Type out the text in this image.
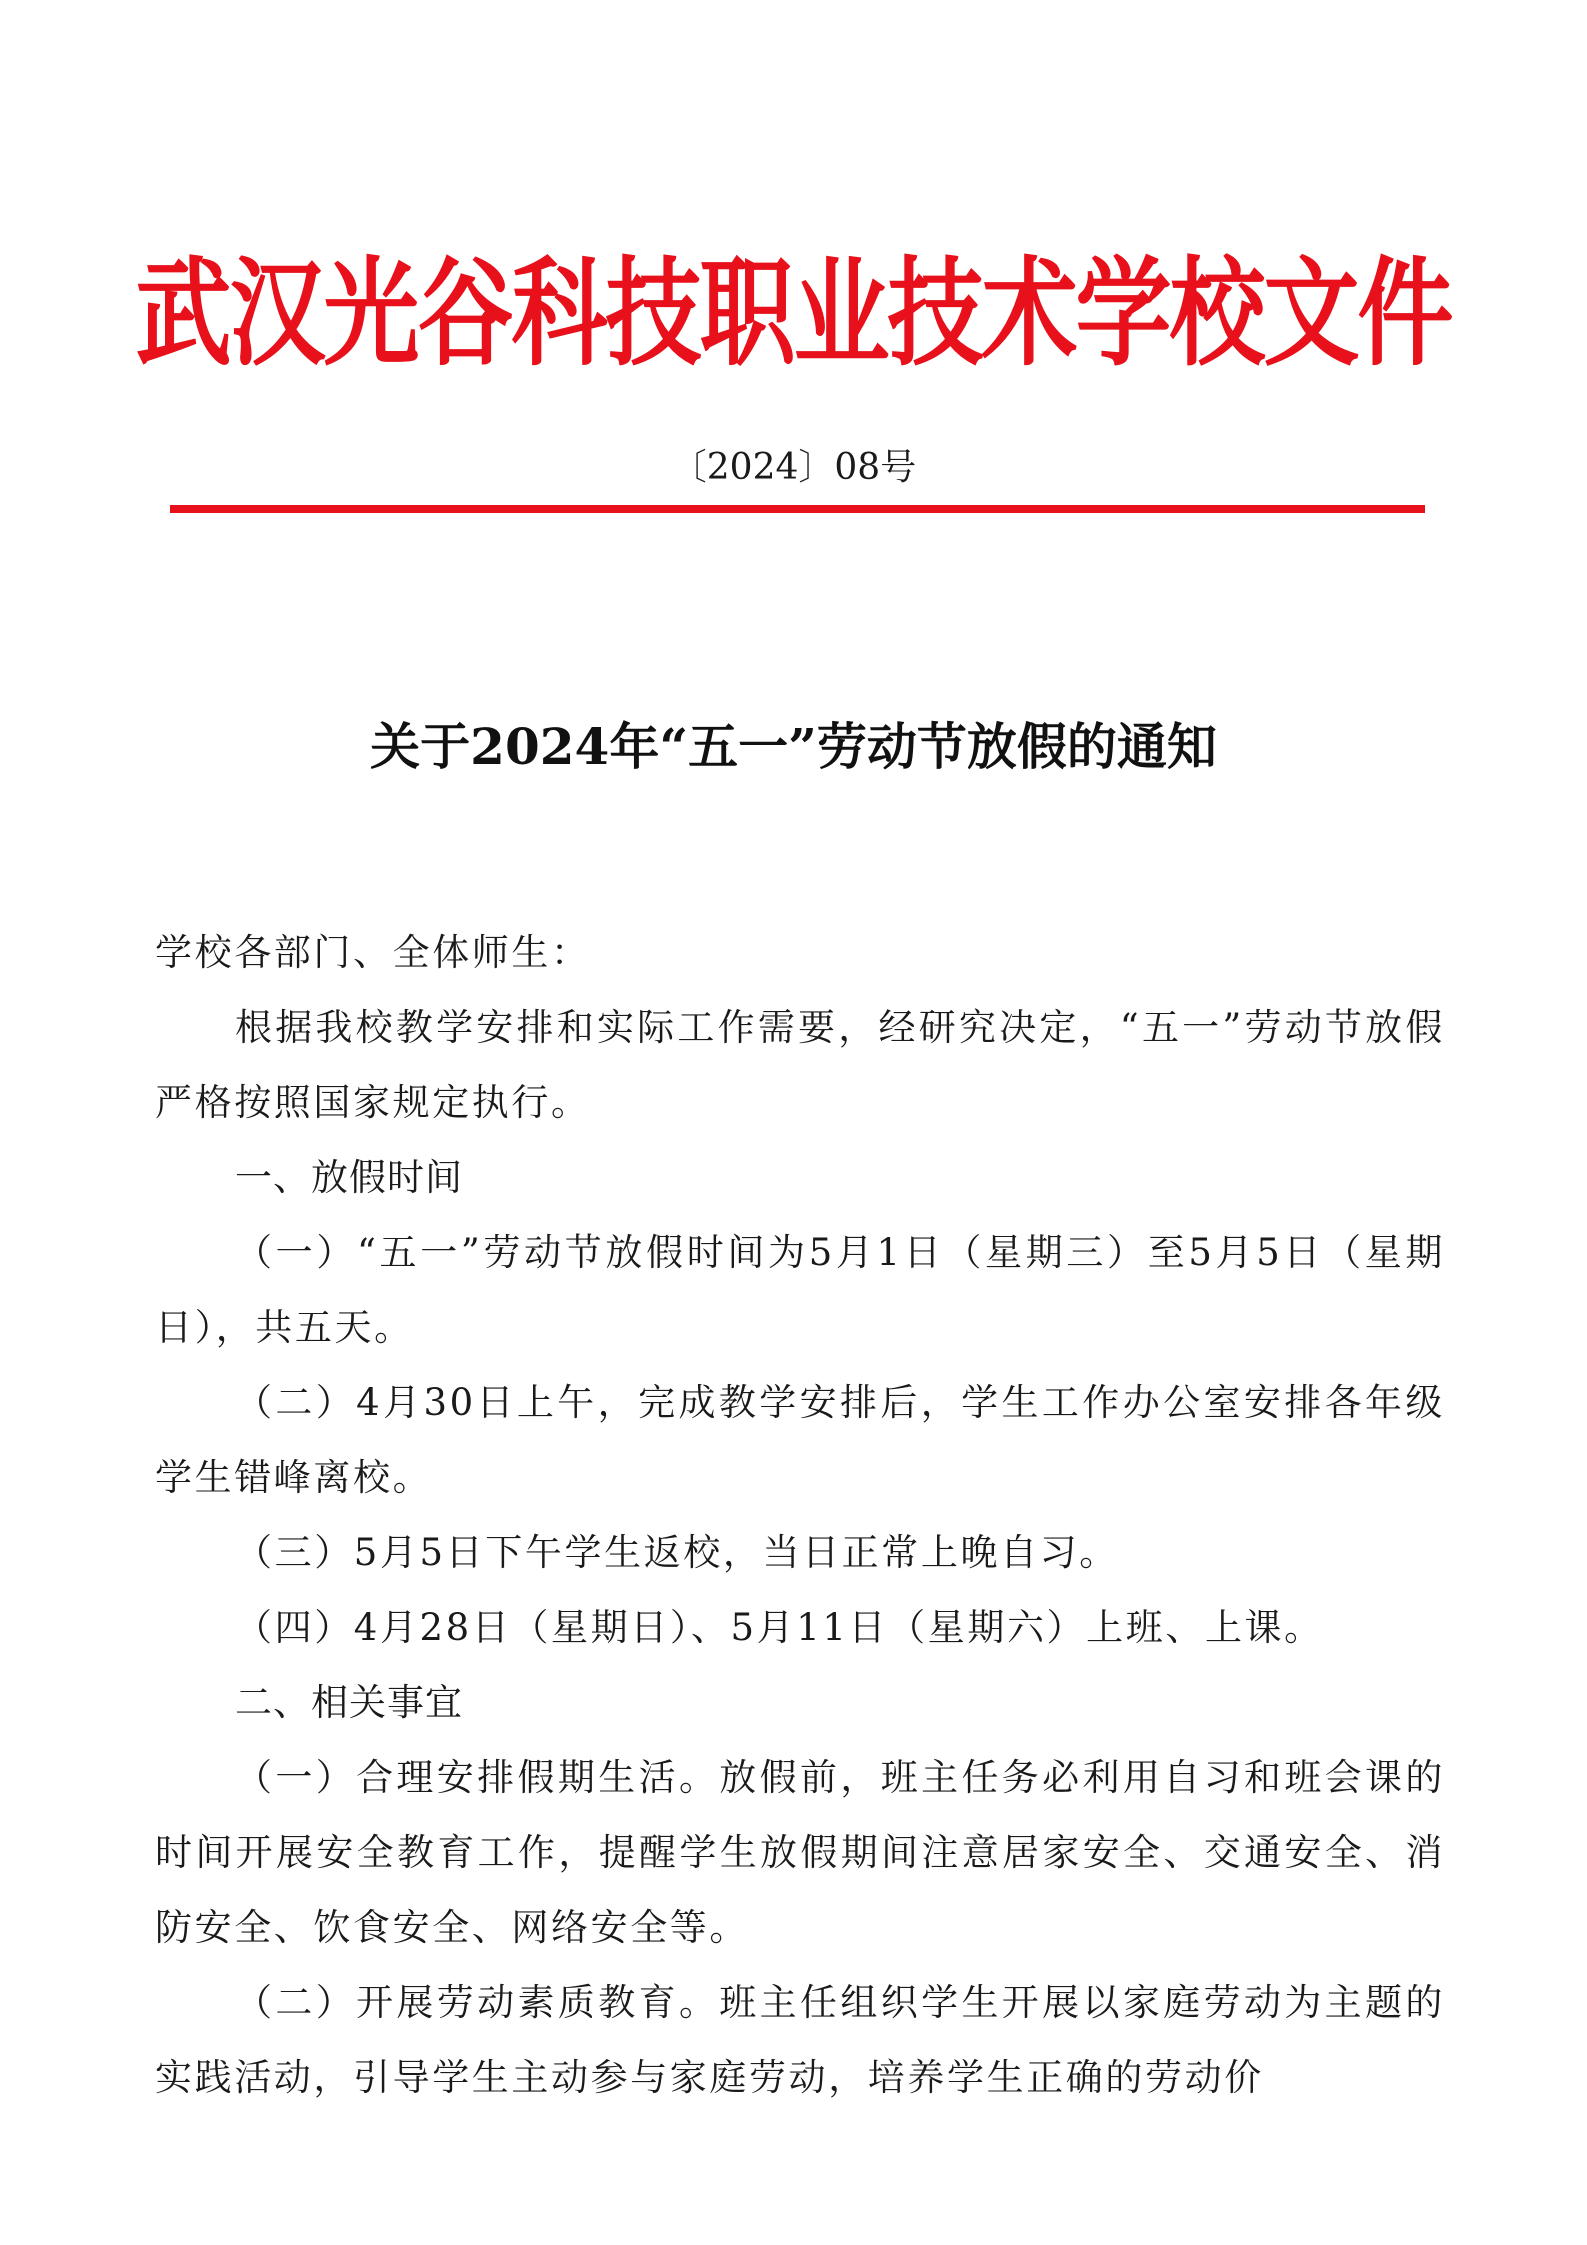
武汉光谷科技职业技术学校文件
〔2024〕08号
关于2024年“五一”劳动节放假的通知

学校各部门、全体师生：

根据我校教学安排和实际工作需要，经研究决定，“五一”劳动节放假严格按照国家规定执行。

一、放假时间

（一）“五一”劳动节放假时间为5月1日（星期三）至5月5日（星期日），共五天。

（二）4月30日上午，完成教学安排后，学生工作办公室安排各年级学生错峰离校。

（三）5月5日下午学生返校，当日正常上晚自习。

（四）4月28日（星期日）、5月11日（星期六）上班、上课。

二、相关事宜

（一）合理安排假期生活。放假前，班主任务必利用自习和班会课的时间开展安全教育工作，提醒学生放假期间注意居家安全、交通安全、消防安全、饮食安全、网络安全等。

（二）开展劳动素质教育。班主任组织学生开展以家庭劳动为主题的实践活动，引导学生主动参与家庭劳动，培养学生正确的劳动价
